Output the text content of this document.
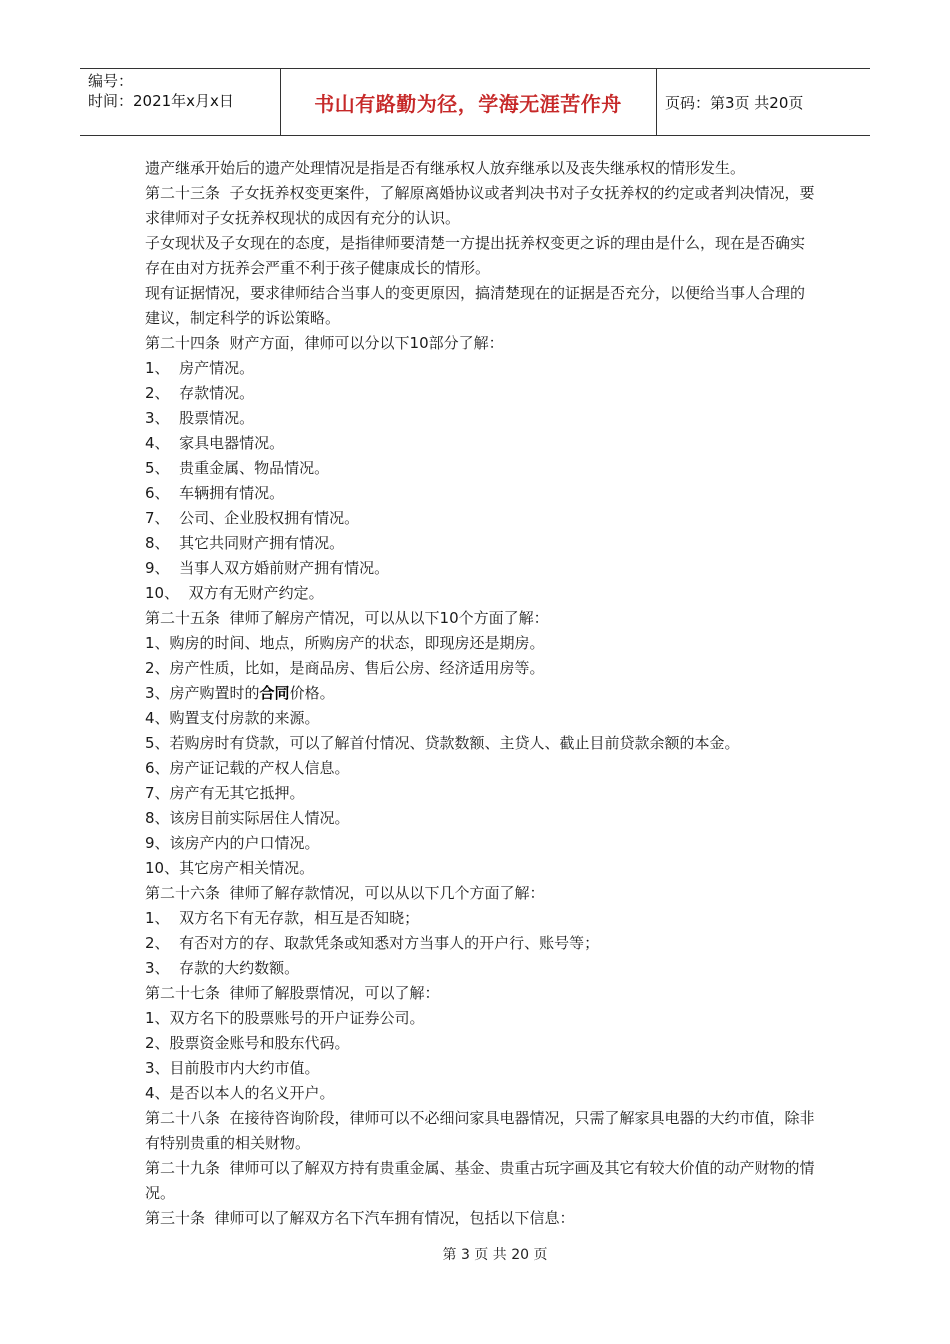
编号：
时间：2021年x月x日	书山有路勤为径，学海无涯苦作舟	页码：第3页 共20页

遗产继承开始后的遗产处理情况是指是否有继承权人放弃继承以及丧失继承权的情形发生。

第二十三条  子女抚养权变更案件，了解原离婚协议或者判决书对子女抚养权的约定或者判决情况，要求律师对子女抚养权现状的成因有充分的认识。

子女现状及子女现在的态度，是指律师要清楚一方提出抚养权变更之诉的理由是什么，现在是否确实存在由对方抚养会严重不利于孩子健康成长的情形。

现有证据情况，要求律师结合当事人的变更原因，搞清楚现在的证据是否充分，以便给当事人合理的建议，制定科学的诉讼策略。

第二十四条  财产方面，律师可以分以下10部分了解：

1、  房产情况。

2、  存款情况。

3、  股票情况。

4、  家具电器情况。

5、  贵重金属、物品情况。

6、  车辆拥有情况。

7、  公司、企业股权拥有情况。

8、  其它共同财产拥有情况。

9、  当事人双方婚前财产拥有情况。

10、  双方有无财产约定。

第二十五条  律师了解房产情况，可以从以下10个方面了解：

1、购房的时间、地点，所购房产的状态，即现房还是期房。

2、房产性质，比如，是商品房、售后公房、经济适用房等。

3、房产购置时的合同价格。

4、购置支付房款的来源。

5、若购房时有贷款，可以了解首付情况、贷款数额、主贷人、截止目前贷款余额的本金。

6、房产证记载的产权人信息。

7、房产有无其它抵押。

8、该房目前实际居住人情况。

9、该房产内的户口情况。

10、其它房产相关情况。

第二十六条  律师了解存款情况，可以从以下几个方面了解：

1、  双方名下有无存款，相互是否知晓；

2、  有否对方的存、取款凭条或知悉对方当事人的开户行、账号等；

3、  存款的大约数额。

第二十七条  律师了解股票情况，可以了解：

1、双方名下的股票账号的开户证券公司。

2、股票资金账号和股东代码。

3、目前股市内大约市值。

4、是否以本人的名义开户。

第二十八条  在接待咨询阶段，律师可以不必细问家具电器情况，只需了解家具电器的大约市值，除非有特别贵重的相关财物。

第二十九条  律师可以了解双方持有贵重金属、基金、贵重古玩字画及其它有较大价值的动产财物的情况。

第三十条  律师可以了解双方名下汽车拥有情况，包括以下信息：

第 3 页 共 20 页
